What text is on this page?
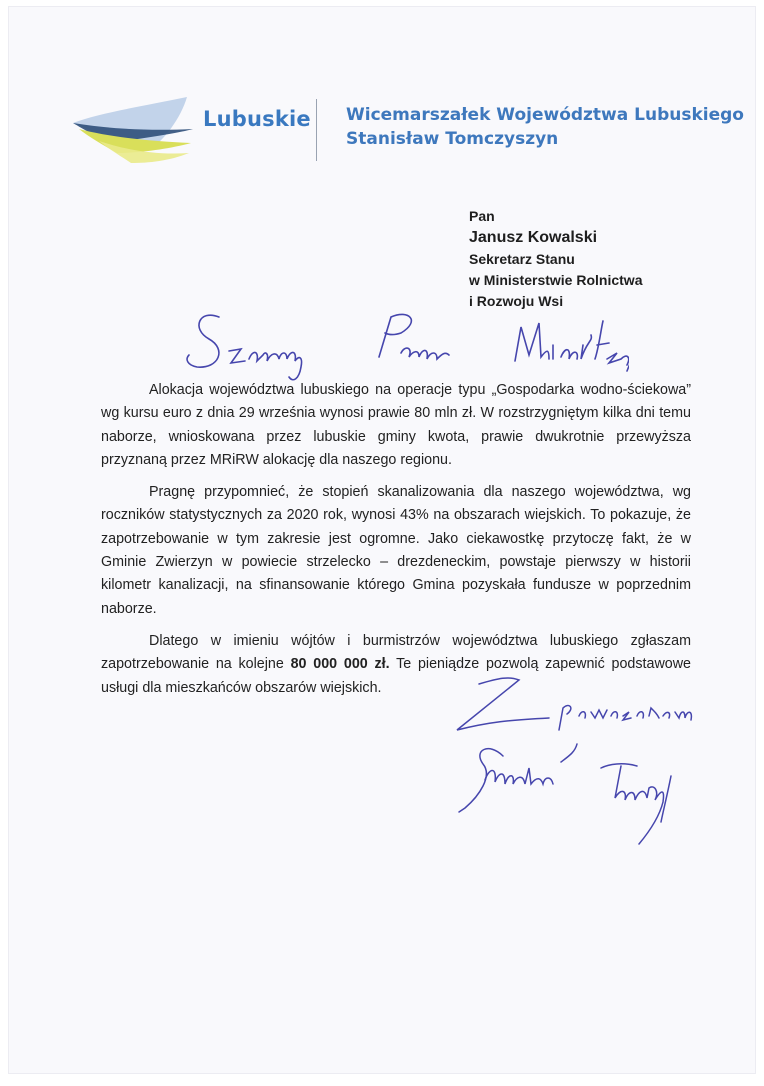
Lubuskie Wicemarszałek Województwa Lubuskiego
Stanisław Tomczyszyn
Pan
Janusz Kowalski
Sekretarz Stanu
w Ministerstwie Rolnictwa
i Rozwoju Wsi

Alokacja województwa lubuskiego na operacje typu „Gospodarka wodno-ściekowa” wg kursu euro z dnia 29 września wynosi prawie 80 mln zł. W rozstrzygniętym kilka dni temu naborze, wnioskowana przez lubuskie gminy kwota, prawie dwukrotnie przewyższa przyznaną przez MRiRW alokację dla naszego regionu.

Pragnę przypomnieć, że stopień skanalizowania dla naszego województwa, wg roczników statystycznych za 2020 rok, wynosi 43% na obszarach wiejskich. To pokazuje, że zapotrzebowanie w tym zakresie jest ogromne. Jako ciekawostkę przytoczę fakt, że w Gminie Zwierzyn w powiecie strzelecko – drezdeneckim, powstaje pierwszy w historii kilometr kanalizacji, na sfinansowanie którego Gmina pozyskała fundusze w poprzednim naborze.

Dlatego w imieniu wójtów i burmistrzów województwa lubuskiego zgłaszam zapotrzebowanie na kolejne 80 000 000 zł. Te pieniądze pozwolą zapewnić podstawowe usługi dla mieszkańców obszarów wiejskich.
